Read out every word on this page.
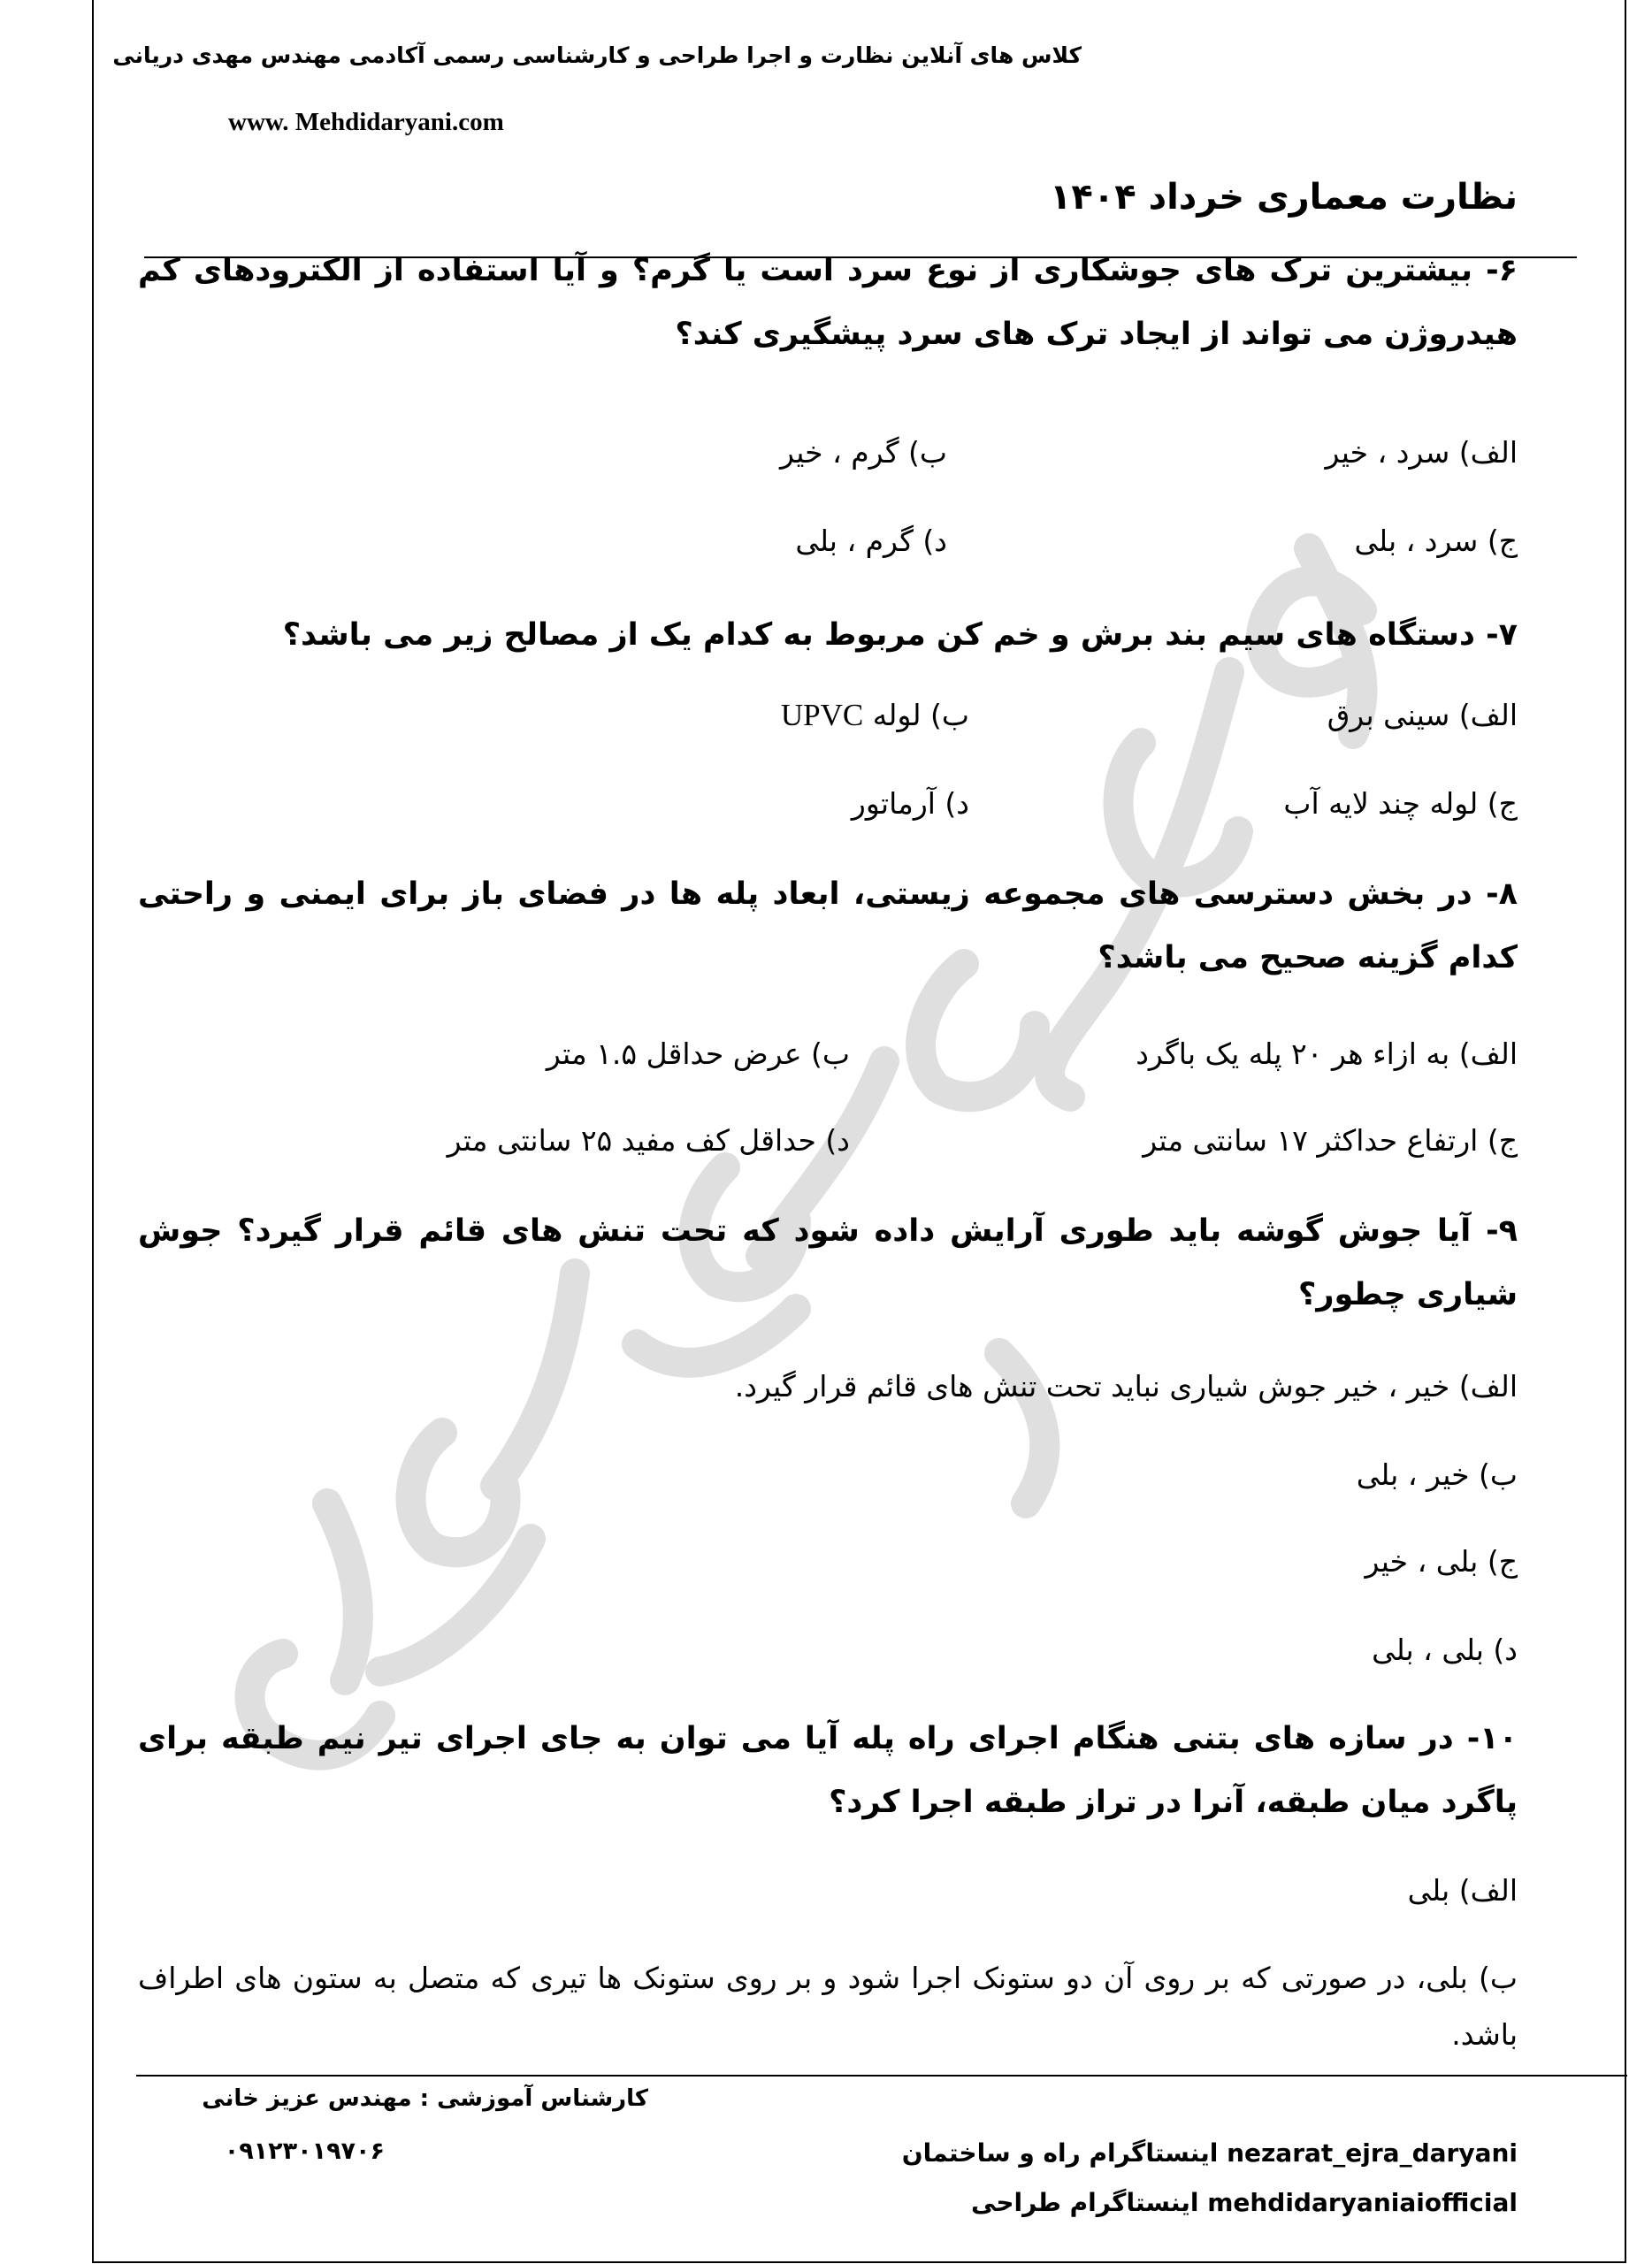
کلاس های آنلاین نظارت و اجرا طراحی و کارشناسی رسمی آکادمی مهندس مهدی دریانی
www. Mehdidaryani.com
نظارت معماری خرداد ۱۴۰۴
۶- بیشترین ترک های جوشکاری از نوع سرد است یا گرم؟ و آیا استفاده از الکترودهای کم هیدروژن می تواند از ایجاد ترک های سرد پیشگیری کند؟
الف) سرد ، خیر
ب) گرم ، خیر
ج) سرد ، بلی
د) گرم ، بلی
۷- دستگاه های سیم بند برش و خم کن مربوط به کدام یک از مصالح زیر می باشد؟
الف) سینی برق
ب) لوله UPVC
ج) لوله چند لایه آب
د) آرماتور
۸- در بخش دسترسی های مجموعه زیستی، ابعاد پله ها در فضای باز برای ایمنی و راحتی کدام گزینه صحیح می باشد؟
الف) به ازاء هر ۲۰ پله یک باگرد
ب) عرض حداقل ۱.۵ متر
ج) ارتفاع حداکثر ۱۷ سانتی متر
د) حداقل کف مفید ۲۵ سانتی متر
۹- آیا جوش گوشه باید طوری آرایش داده شود که تحت تنش های قائم قرار گیرد؟ جوش شیاری چطور؟
الف) خیر ، خیر جوش شیاری نباید تحت تنش های قائم قرار گیرد.
ب) خیر ، بلی
ج) بلی ، خیر
د) بلی ، بلی
۱۰- در سازه های بتنی هنگام اجرای راه پله آیا می توان به جای اجرای تیر نیم طبقه برای پاگرد میان طبقه، آنرا در تراز طبقه اجرا کرد؟
الف) بلی
ب) بلی، در صورتی که بر روی آن دو ستونک اجرا شود و بر روی ستونک ها تیری که متصل به ستون های اطراف باشد.
کارشناس آموزشی : مهندس عزیز خانی
۰۹۱۲۳۰۱۹۷۰۶	nezarat_ejra_daryani اینستاگرام راه و ساختمان
mehdidaryaniaiofficial اینستاگرام طراحی
